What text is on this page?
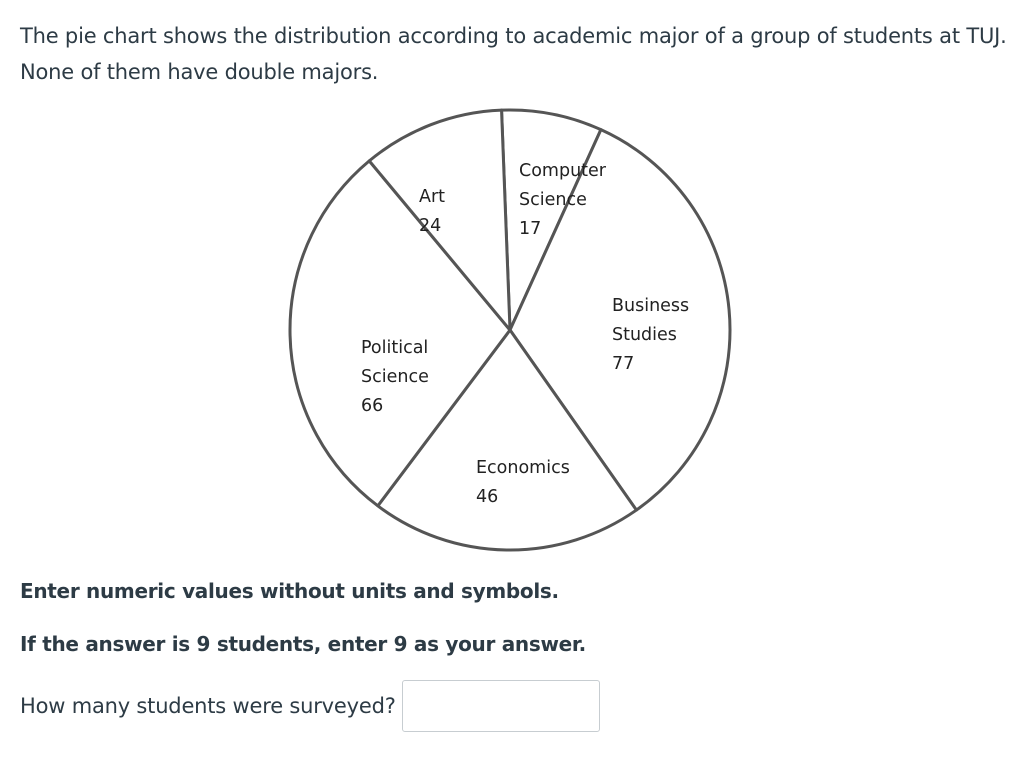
The pie chart shows the distribution according to academic major of a group of students at TUJ.
None of them have double majors.

Computer Science 17
Business Studies 77
Economics 46
Political Science 66
Art 24

Enter numeric values without units and symbols.

If the answer is 9 students, enter 9 as your answer.

How many students were surveyed?
